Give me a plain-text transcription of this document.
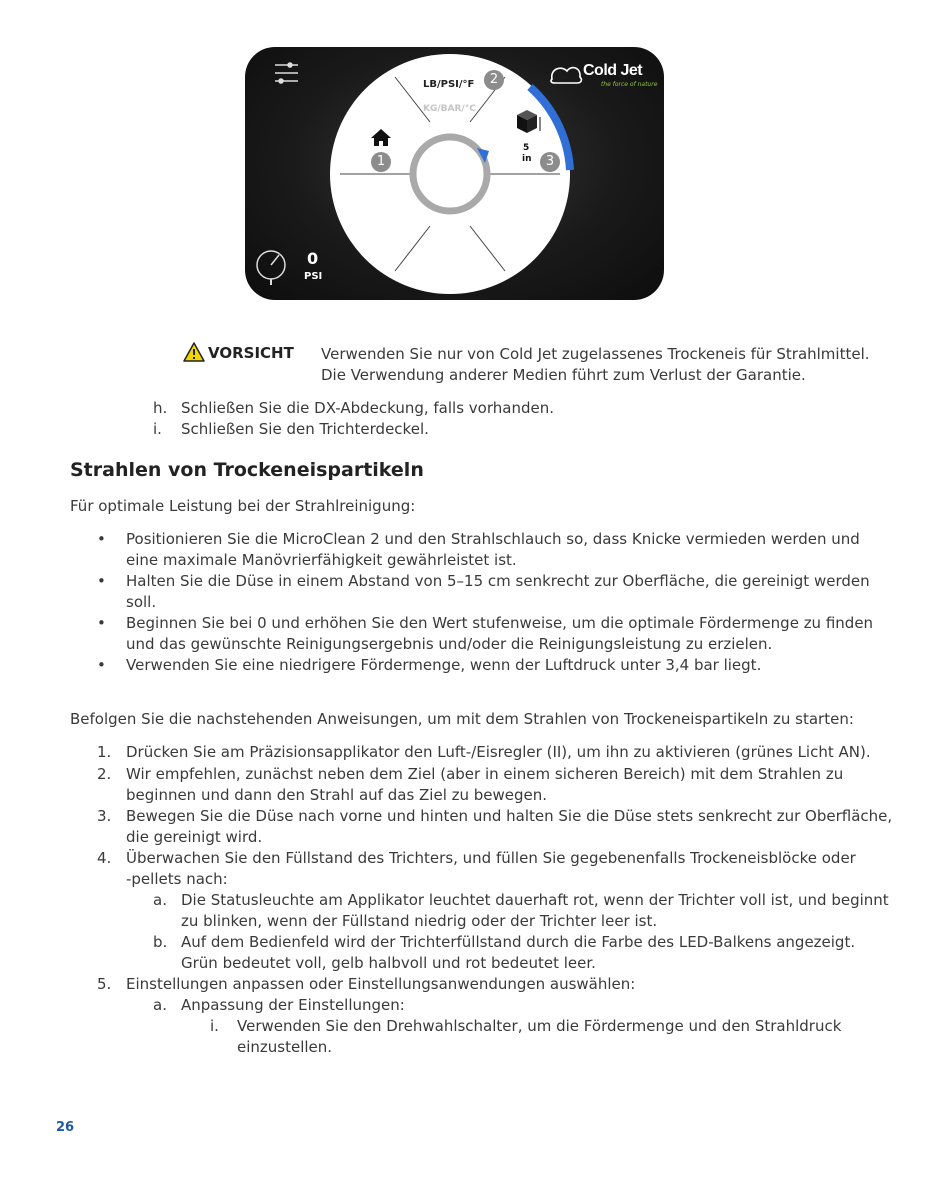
LB/PSI/°F
KG/BAR/°C
2
1	3
5
in
0
PSI
Cold Jet
the force of nature
VORSICHT Verwenden Sie nur von Cold Jet zugelassenes Trockeneis für Strahlmittel.
Die Verwendung anderer Medien führt zum Verlust der Garantie.
h. Schließen Sie die DX-Abdeckung, falls vorhanden.
i. Schließen Sie den Trichterdeckel.
Strahlen von Trockeneispartikeln
Für optimale Leistung bei der Strahlreinigung:
• Positionieren Sie die MicroClean 2 und den Strahlschlauch so, dass Knicke vermieden werden und
eine maximale Manövrierfähigkeit gewährleistet ist.
• Halten Sie die Düse in einem Abstand von 5–15 cm senkrecht zur Oberfläche, die gereinigt werden
soll.
• Beginnen Sie bei 0 und erhöhen Sie den Wert stufenweise, um die optimale Fördermenge zu finden
und das gewünschte Reinigungsergebnis und/oder die Reinigungsleistung zu erzielen.
• Verwenden Sie eine niedrigere Fördermenge, wenn der Luftdruck unter 3,4 bar liegt.
Befolgen Sie die nachstehenden Anweisungen, um mit dem Strahlen von Trockeneispartikeln zu starten:
1. Drücken Sie am Präzisionsapplikator den Luft-/Eisregler (II), um ihn zu aktivieren (grünes Licht AN).
2. Wir empfehlen, zunächst neben dem Ziel (aber in einem sicheren Bereich) mit dem Strahlen zu
beginnen und dann den Strahl auf das Ziel zu bewegen.
3. Bewegen Sie die Düse nach vorne und hinten und halten Sie die Düse stets senkrecht zur Oberfläche,
die gereinigt wird.
4. Überwachen Sie den Füllstand des Trichters, und füllen Sie gegebenenfalls Trockeneisblöcke oder
-pellets nach:
a. Die Statusleuchte am Applikator leuchtet dauerhaft rot, wenn der Trichter voll ist, und beginnt
zu blinken, wenn der Füllstand niedrig oder der Trichter leer ist.
b. Auf dem Bedienfeld wird der Trichterfüllstand durch die Farbe des LED-Balkens angezeigt.
Grün bedeutet voll, gelb halbvoll und rot bedeutet leer.
5. Einstellungen anpassen oder Einstellungsanwendungen auswählen:
a. Anpassung der Einstellungen:
i. Verwenden Sie den Drehwahlschalter, um die Fördermenge und den Strahldruck
einzustellen.
26
